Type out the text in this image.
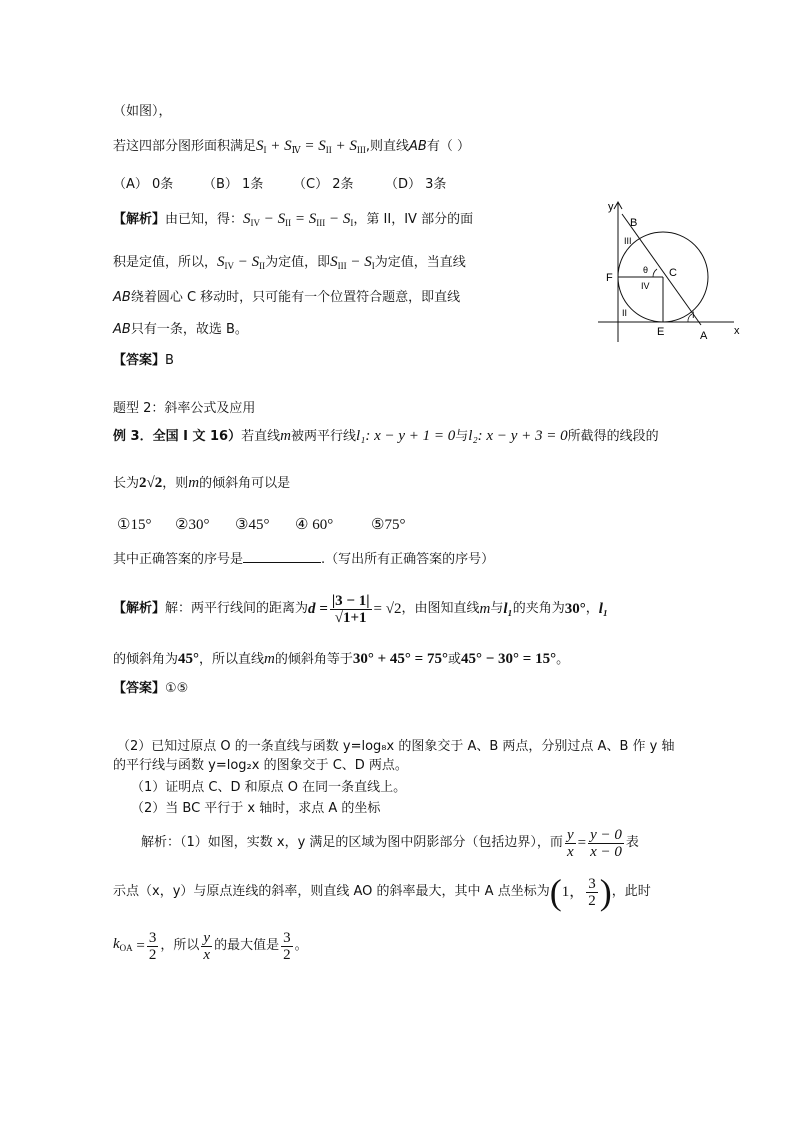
（如图），
若这四部分图形面积满足$S_I + S_Ⅳ = S_{II} + S_{III}$,则直线AB有（ ）
（A） 0条 （B） 1条 （C） 2条 （D） 3条
【解析】由已知，得：$S_{IV} - S_{II} = S_{III} - S_I$，第 II，IV 部分的面
积是定值，所以，$S_{IV} - S_{II}$为定值，即$S_{III} - S_I$为定值，当直线
AB绕着圆心 C 移动时，只可能有一个位置符合题意，即直线
AB只有一条，故选 B。
【答案】B
y
x
B
A
C
E
F
θ
III
II
IV
I
题型 2：斜率公式及应用
例 3．全国 I 文 16）若直线m被两平行线l₁: x − y + 1 = 0与l₂: x − y + 3 = 0所截得的线段的
长为2√2，则m的倾斜角可以是
①15° ②30° ③45° ④ 60°	⑤75°
其中正确答案的序号是	.（写出所有正确答案的序号）
【解析】 解：两平行线间的距离为 $d = \frac{|3 - 1|}{√1+1} = √2$ ，由图知直线 m 与 l₁ 的夹角为 30° ， l₁
的倾斜角为45°，所以直线m的倾斜角等于30° + 45° = 75°或45° − 30° = 15°。
【答案】①⑤
（2）已知过原点 O 的一条直线与函数 y=log₈x 的图象交于 A、B 两点，分别过点 A、B 作 y 轴
的平行线与函数 y=log₂x 的图象交于 C、D 两点。
（1）证明点 C、D 和原点 O 在同一条直线上。
（2）当 BC 平行于 x 轴时，求点 A 的坐标
解析：（1）如图，实数 x，y 满足的区域为图中阴影部分（包括边界），而 $\frac{y}{x} = \frac{y - 0}{x - 0}$ 表
示点（x，y）与原点连线的斜率，则直线 AO 的斜率最大，其中 A 点坐标为 ( 1， $\frac{3}{2}$ ) ，此时
$k_{OA} = \frac{3}{2}$ ，所以 $\frac{y}{x}$ 的最大值是 $\frac{3}{2}$ 。
